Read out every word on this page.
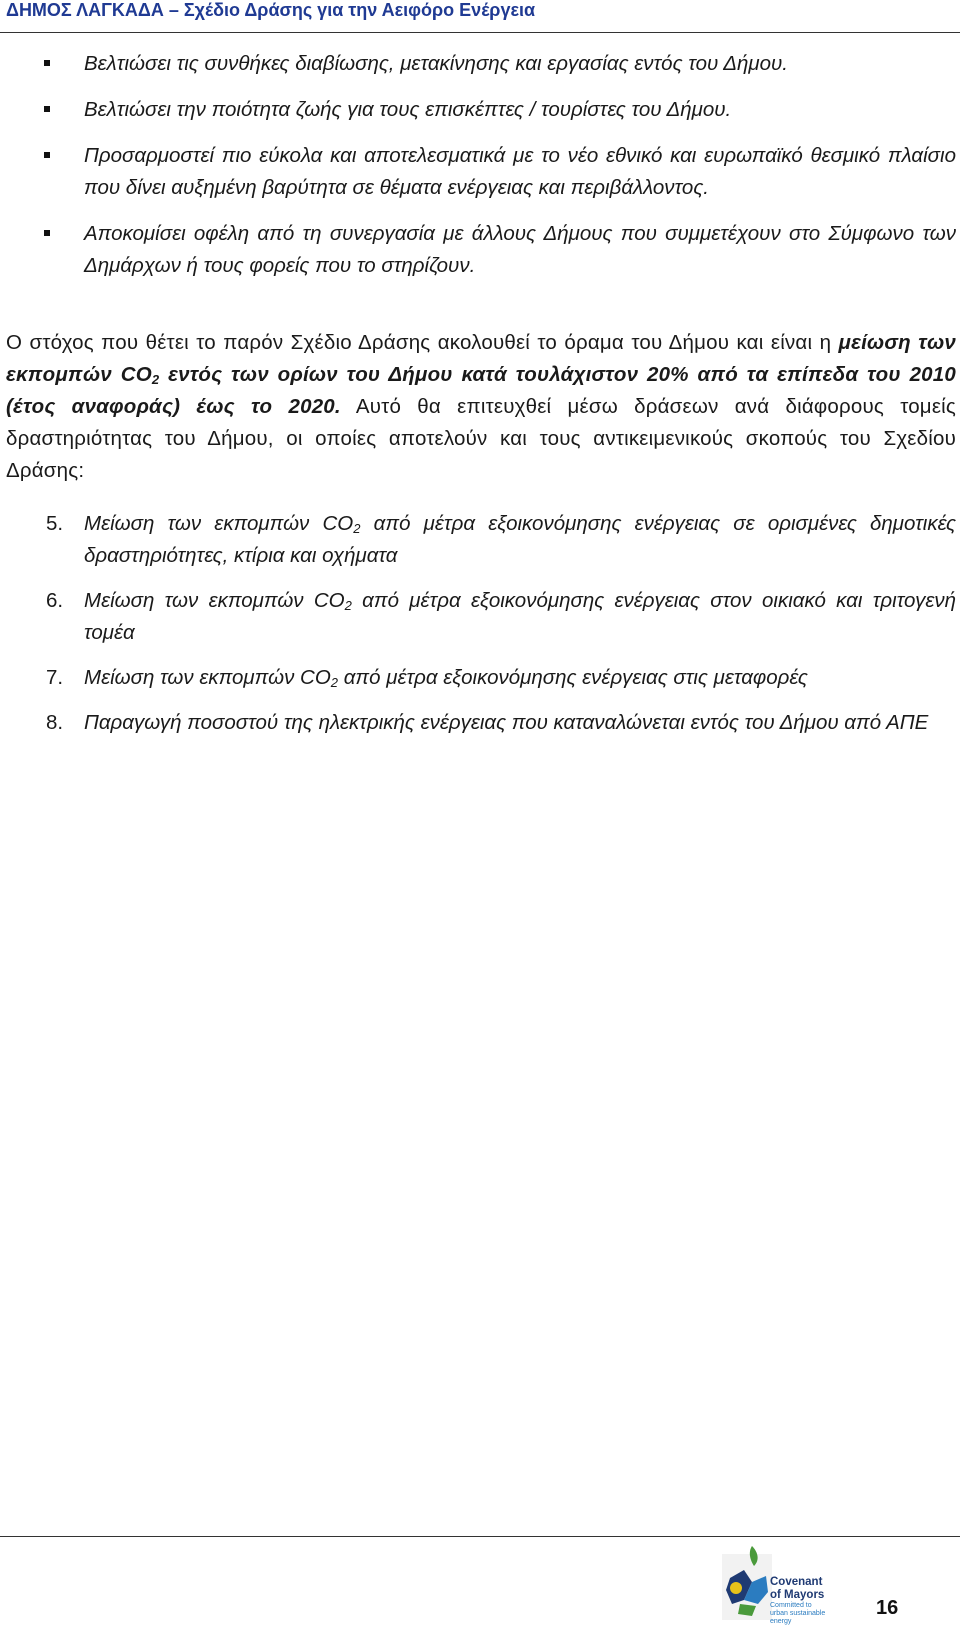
ΔΗΜΟΣ ΛΑΓΚΑΔΑ – Σχέδιο Δράσης για την Αειφόρο Ενέργεια
Βελτιώσει τις συνθήκες διαβίωσης, μετακίνησης και εργασίας εντός του Δήμου.
Βελτιώσει την ποιότητα ζωής για τους επισκέπτες / τουρίστες του Δήμου.
Προσαρμοστεί πιο εύκολα και αποτελεσματικά με το νέο εθνικό και ευρωπαϊκό θεσμικό πλαίσιο που δίνει αυξημένη βαρύτητα σε θέματα ενέργειας και περιβάλλοντος.
Αποκομίσει οφέλη από τη συνεργασία με άλλους Δήμους που συμμετέχουν στο Σύμφωνο των Δημάρχων ή τους φορείς που το στηρίζουν.

Ο στόχος που θέτει το παρόν Σχέδιο Δράσης ακολουθεί το όραμα του Δήμου και είναι η μείωση των εκπομπών $CO_2$ εντός των ορίων του Δήμου κατά τουλάχιστον 20% από τα επίπεδα του 2010 (έτος αναφοράς) έως το 2020. Αυτό θα επιτευχθεί μέσω δράσεων ανά διάφορους τομείς δραστηριότητας του Δήμου, οι οποίες αποτελούν και τους αντικειμενικούς σκοπούς του Σχεδίου Δράσης:

5. Μείωση των εκπομπών $CO_2$ από μέτρα εξοικονόμησης ενέργειας σε ορισμένες δημοτικές δραστηριότητες, κτίρια και οχήματα
6. Μείωση των εκπομπών $CO_2$ από μέτρα εξοικονόμησης ενέργειας στον οικιακό και τριτογενή τομέα
7. Μείωση των εκπομπών $CO_2$ από μέτρα εξοικονόμησης ενέργειας στις μεταφορές
8. Παραγωγή ποσοστού της ηλεκτρικής ενέργειας που καταναλώνεται εντός του Δήμου από ΑΠΕ
Covenant
of Mayors
Committed to urban sustainable energy
16
